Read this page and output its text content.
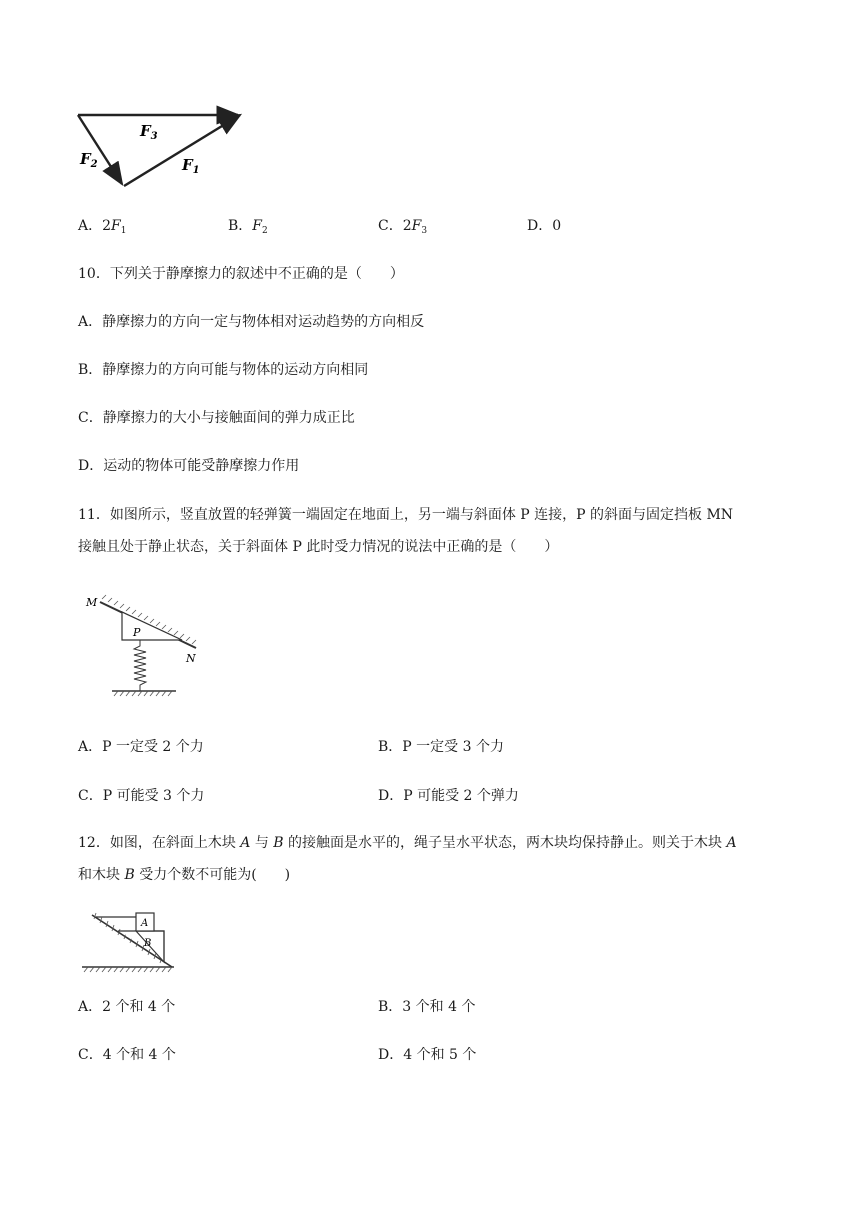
$F_3$
$F_2$	$F_1$
A．$2F_1$	B．$F_2$	C．$2F_3$	D．0
10．下列关于静摩擦力的叙述中不正确的是（　　）
A．静摩擦力的方向一定与物体相对运动趋势的方向相反
B．静摩擦力的方向可能与物体的运动方向相同
C．静摩擦力的大小与接触面间的弹力成正比
D．运动的物体可能受静摩擦力作用
11．如图所示，竖直放置的轻弹簧一端固定在地面上，另一端与斜面体 P 连接，P 的斜面与固定挡板 MN
接触且处于静止状态，关于斜面体 P 此时受力情况的说法中正确的是（　　）
P
M
N
A．P 一定受 2 个力	B．P 一定受 3 个力
C．P 可能受 3 个力	D．P 可能受 2 个弹力
12．如图，在斜面上木块 A 与 B 的接触面是水平的，绳子呈水平状态，两木块均保持静止。则关于木块 A
和木块 B 受力个数不可能为(　　)
B
A
A．2 个和 4 个	B．3 个和 4 个
C．4 个和 4 个	D．4 个和 5 个
